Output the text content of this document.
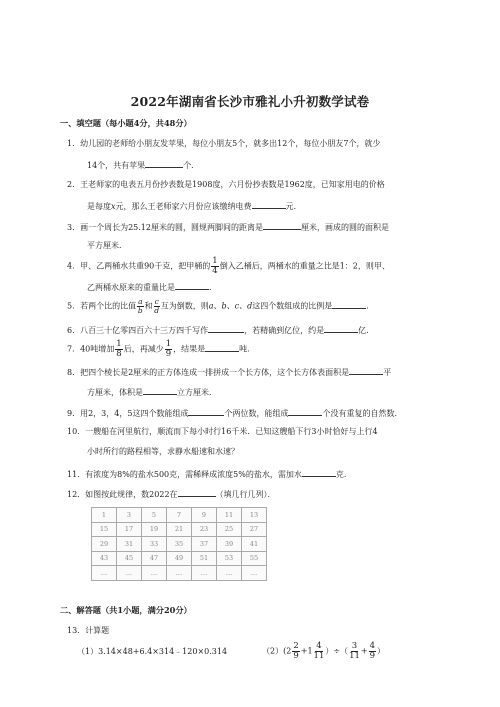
2022年湖南省长沙市雅礼小升初数学试卷
一、填空题（每小题4分，共48分）
1．幼儿园的老师给小朋友发苹果，每位小朋友5个，就多出12个，每位小朋友7个，就少
14个，共有苹果	个．
2．王老师家的电表五月份抄表数是1908度，六月份抄表数是1962度，已知家用电的价格
是每度x元，那么王老师家六月份应该缴纳电费	元.
3．画一个周长为25.12厘米的圆，圆规两脚间的距离是	厘米，画成的圆的面积是
平方厘米．
4．甲、乙两桶水共重90千克，把甲桶的 $\frac{1}{4}$ 倒入乙桶后，两桶水的重量之比是1：2，则甲、
乙两桶水原来的重量比是	．
5．若两个比的比值 $\frac{a}{b}$ 和 $\frac{c}{d}$ 互为倒数，则a、b、c、d这四个数组成的比例是	．
6．八百三十亿零四百六十三万四千写作	，若精确到亿位，约是	亿.
7．40吨增加 $\frac{1}{8}$ 后，再减少 $\frac{1}{9}$ ，结果是	吨.
8．把四个棱长是2厘米的正方体连成一排拼成一个长方体，这个长方体表面积是	平
方厘米，体积是	立方厘米．
9．用2，3，4，5这四个数能组成	个两位数，能组成	个没有重复的自然数.
10．一艘船在河里航行，顺流而下每小时行16千米．已知这艘船下行3小时恰好与上行4
小时所行的路程相等，求静水船速和水速？
11．有浓度为8%的盐水500克，需稀释成浓度5%的盐水，需加水	克.
12．如图按此规律，数2022在	（填几行几列）．
1	3	5	7	9	11	13
15	17	19	21	23	25	27
29	31	33	35	37	39	41
43	45	47	49	51	53	55
…	…	…	…	…	…	…
二、解答题（共1小题，满分20分）
13．计算题
（1）3.14×48+6.4×314﹣120×0.314	$(2)(2 \frac{2}{9} +1 \frac{4}{11}$ ）÷（ $\frac{3}{11} + \frac{4}{9}$ ）
